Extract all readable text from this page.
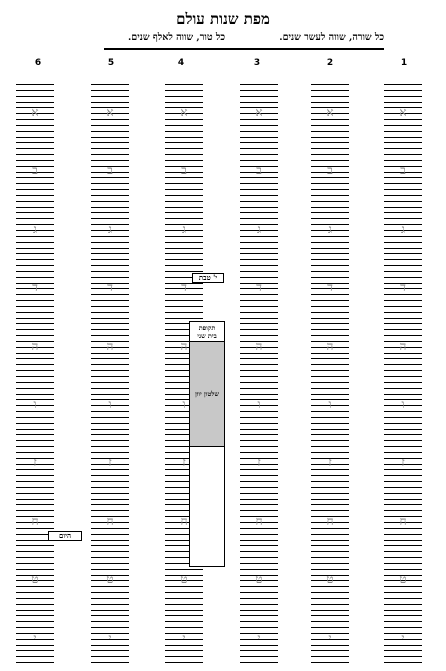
מפת שנות עולם
כל שורה, שווה לעשר שנים.
כל טור, שווה לאלף שנים.
6	5	4	3	2	1
א
ב
ג
ד
ה
ו
ז
ח
ט
י
א
ב
ג
ד
ה
ו
ז
ח
ט
י
א
ב
ג
ד
ה
ו
ז
ח
ט
י
א
ב
ג
ד
ה
ו
ז
ח
ט
י
א
ב
ג
ד
ה
ו
ז
ח
ט
י
א
ב
ג
ד
ה
ו
ז
ח
ט
י
תקופת
בית שני
שלטון יוון
י' טבת
היום
